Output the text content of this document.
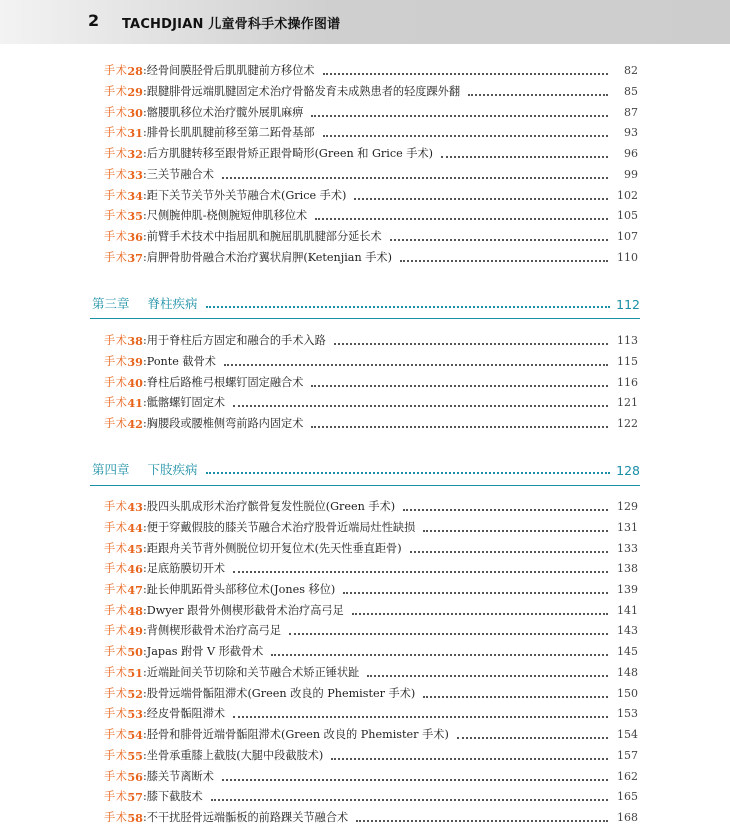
2 TACHDJIAN 儿童骨科手术操作图谱
手术 28 : 经骨间膜胫骨后肌肌腱前方移位术	82
手术 29 : 跟腱腓骨远端肌腱固定术治疗骨骼发育未成熟患者的轻度踝外翻	85
手术 30 : 髂腰肌移位术治疗髋外展肌麻痹	87
手术 31 : 腓骨长肌肌腱前移至第二跖骨基部	93
手术 32 : 后方肌腱转移至跟骨矫正跟骨畸形(Green 和 Grice 手术)	96
手术 33 : 三关节融合术	99
手术 34 : 距下关节关节外关节融合术(Grice 手术)	102
手术 35 : 尺侧腕伸肌-桡侧腕短伸肌移位术	105
手术 36 : 前臂手术技术中指屈肌和腕屈肌肌腱部分延长术	107
手术 37 : 肩胛骨肋骨融合术治疗翼状肩胛(Ketenjian 手术)	110
第三章 脊柱疾病	112
手术 38 : 用于脊柱后方固定和融合的手术入路	113
手术 39 : Ponte 截骨术	115
手术 40 : 脊柱后路椎弓根螺钉固定融合术	116
手术 41 : 骶髂螺钉固定术	121
手术 42 : 胸腰段或腰椎侧弯前路内固定术	122
第四章 下肢疾病	128
手术 43 : 股四头肌成形术治疗髌骨复发性脱位(Green 手术)	129
手术 44 : 便于穿戴假肢的膝关节融合术治疗股骨近端局灶性缺损	131
手术 45 : 距跟舟关节背外侧脱位切开复位术(先天性垂直距骨)	133
手术 46 : 足底筋膜切开术	138
手术 47 : 趾长伸肌跖骨头部移位术(Jones 移位)	139
手术 48 : Dwyer 跟骨外侧楔形截骨术治疗高弓足	141
手术 49 : 背侧楔形截骨术治疗高弓足	143
手术 50 : Japas 跗骨 V 形截骨术	145
手术 51 : 近端趾间关节切除和关节融合术矫正锤状趾	148
手术 52 : 股骨远端骨骺阻滞术(Green 改良的 Phemister 手术)	150
手术 53 : 经皮骨骺阻滞术	153
手术 54 : 胫骨和腓骨近端骨骺阻滞术(Green 改良的 Phemister 手术)	154
手术 55 : 坐骨承重膝上截肢(大腿中段截肢术)	157
手术 56 : 膝关节离断术	162
手术 57 : 膝下截肢术	165
手术 58 : 不干扰胫骨远端骺板的前路踝关节融合术	168
